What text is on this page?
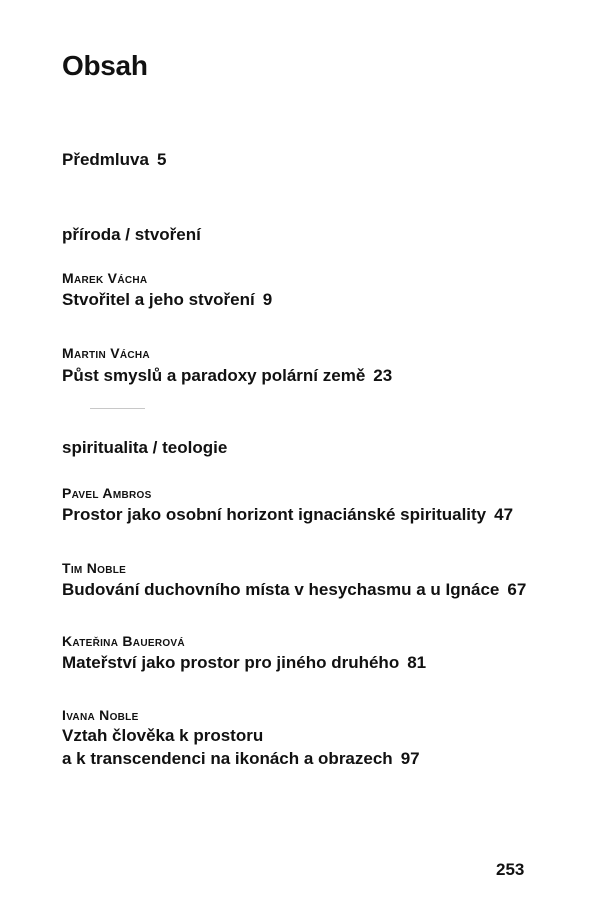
Obsah
Předmluva 5
příroda / stvoření
Marek Vácha
Stvořitel a jeho stvoření 9
Martin Vácha
Půst smyslů a paradoxy polární země 23
spiritualita / teologie
Pavel Ambros
Prostor jako osobní horizont ignaciánské spirituality 47
Tim Noble
Budování duchovního místa v hesychasmu a u Ignáce 67
Kateřina Bauerová
Mateřství jako prostor pro jiného druhého 81
Ivana Noble
Vztah člověka k prostoru
a k transcendenci na ikonách a obrazech 97
253
